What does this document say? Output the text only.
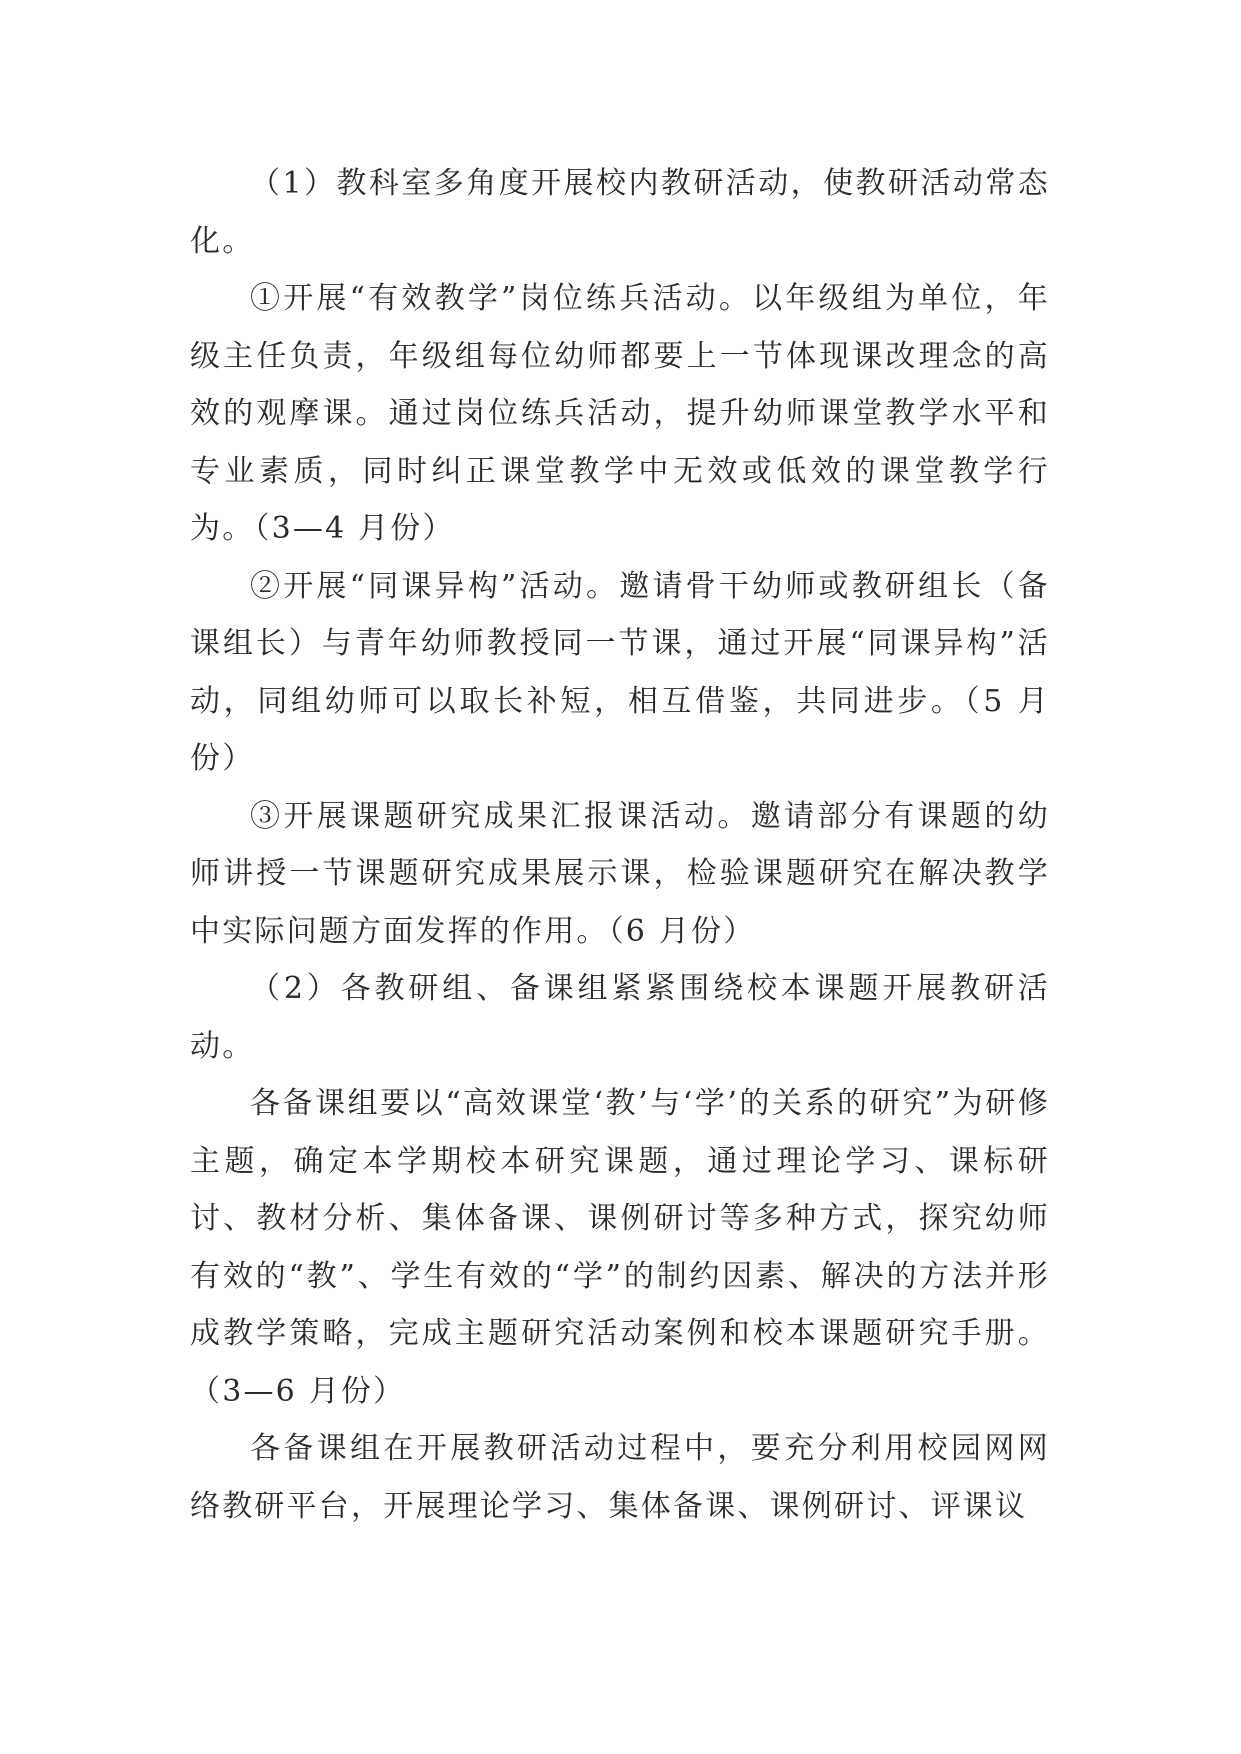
（1）教科室多角度开展校内教研活动，使教研活动常态化。

①开展“有效教学”岗位练兵活动。以年级组为单位，年级主任负责，年级组每位幼师都要上一节体现课改理念的高效的观摩课。通过岗位练兵活动，提升幼师课堂教学水平和专业素质，同时纠正课堂教学中无效或低效的课堂教学行为。（3—4 月份）

②开展“同课异构”活动。邀请骨干幼师或教研组长（备课组长）与青年幼师教授同一节课，通过开展“同课异构”活动，同组幼师可以取长补短，相互借鉴，共同进步。（5 月份）

③开展课题研究成果汇报课活动。邀请部分有课题的幼师讲授一节课题研究成果展示课，检验课题研究在解决教学中实际问题方面发挥的作用。（6 月份）

（2）各教研组、备课组紧紧围绕校本课题开展教研活动。

各备课组要以“高效课堂‘教’与‘学’的关系的研究”为研修主题，确定本学期校本研究课题，通过理论学习、课标研讨、教材分析、集体备课、课例研讨等多种方式，探究幼师有效的“教”、学生有效的“学”的制约因素、解决的方法并形成教学策略，完成主题研究活动案例和校本课题研究手册。（3—6 月份）

各备课组在开展教研活动过程中，要充分利用校园网网络教研平台，开展理论学习、集体备课、课例研讨、评课议
